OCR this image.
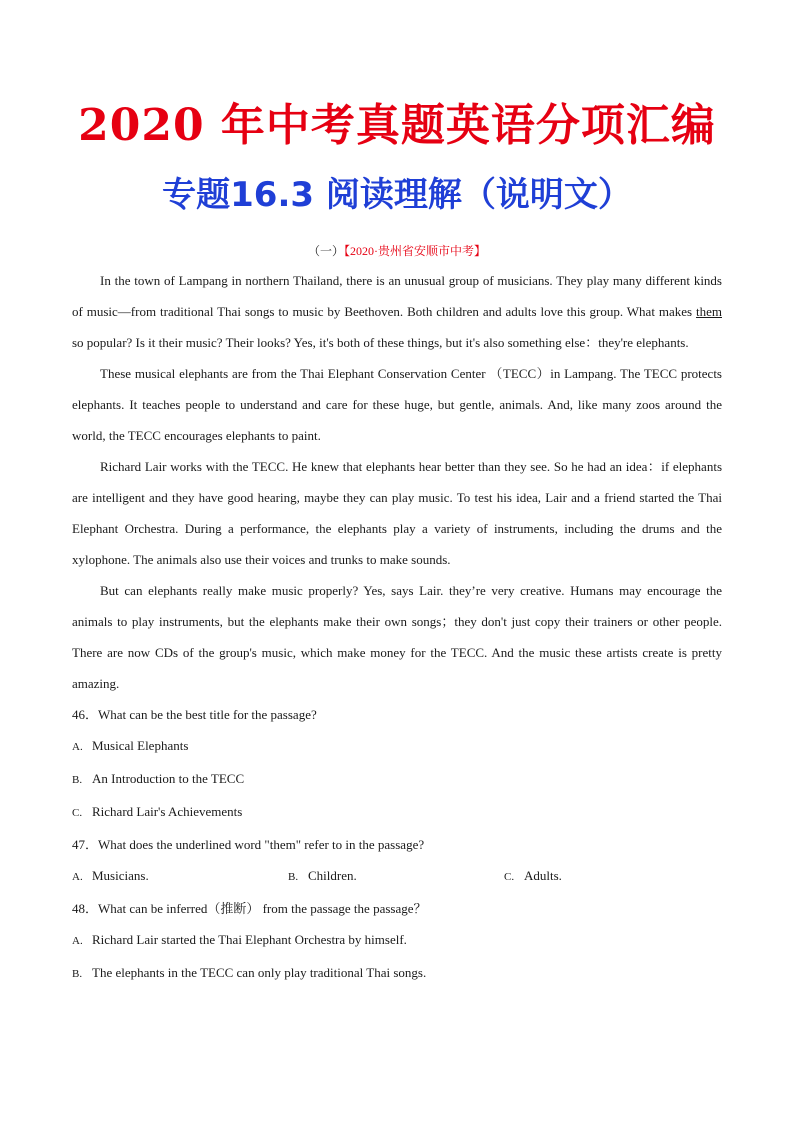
2020 年中考真题英语分项汇编
专题16.3 阅读理解（说明文）
（一）【2020·贵州省安顺市中考】

In the town of Lampang in northern Thailand, there is an unusual group of musicians. They play many different kinds of music—from traditional Thai songs to music by Beethoven. Both children and adults love this group. What makes them so popular? Is it their music? Their looks? Yes, it's both of these things, but it's also something else：they're elephants.

These musical elephants are from the Thai Elephant Conservation Center （TECC）in Lampang. The TECC protects elephants. It teaches people to understand and care for these huge, but gentle, animals. And, like many zoos around the world, the TECC encourages elephants to paint.

Richard Lair works with the TECC. He knew that elephants hear better than they see. So he had an idea：if elephants are intelligent and they have good hearing, maybe they can play music. To test his idea, Lair and a friend started the Thai Elephant Orchestra. During a performance, the elephants play a variety of instruments, including the drums and the xylophone. The animals also use their voices and trunks to make sounds.

But can elephants really make music properly? Yes, says Lair. they’re very creative. Humans may encourage the animals to play instruments, but the elephants make their own songs；they don't just copy their trainers or other people. There are now CDs of the group's music, which make money for the TECC. And the music these artists create is pretty amazing.

46．What can be the best title for the passage?
A. Musical Elephants
B. An Introduction to the TECC
C. Richard Lair's Achievements
47．What does the underlined word "them" refer to in the passage?
A. Musicians.	B. Children.	C. Adults.
48．What can be inferred（推断） from the passage the passage？
A. Richard Lair started the Thai Elephant Orchestra by himself.
B. The elephants in the TECC can only play traditional Thai songs.
